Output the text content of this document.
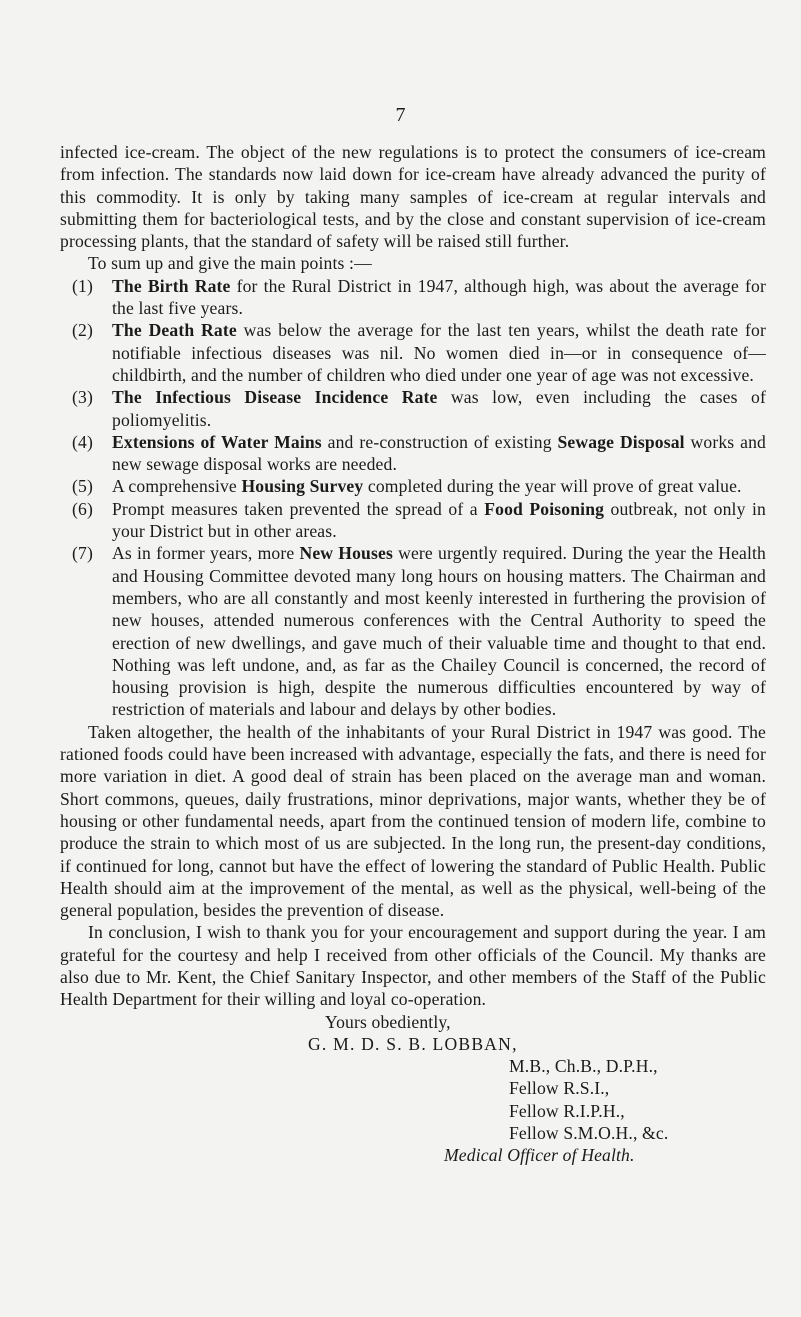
7

infected ice-cream. The object of the new regulations is to protect the consumers of ice-cream from infection. The standards now laid down for ice-cream have already advanced the purity of this commodity. It is only by taking many samples of ice-cream at regular intervals and submitting them for bacteriological tests, and by the close and constant supervision of ice-cream processing plants, that the standard of safety will be raised still further.

To sum up and give the main points :—

(1) The Birth Rate for the Rural District in 1947, although high, was about the average for the last five years.
(2) The Death Rate was below the average for the last ten years, whilst the death rate for notifiable infectious diseases was nil. No women died in—or in consequence of—childbirth, and the number of children who died under one year of age was not excessive.
(3) The Infectious Disease Incidence Rate was low, even including the cases of poliomyelitis.
(4) Extensions of Water Mains and re-construction of existing Sewage Disposal works and new sewage disposal works are needed.
(5) A comprehensive Housing Survey completed during the year will prove of great value.
(6) Prompt measures taken prevented the spread of a Food Poisoning outbreak, not only in your District but in other areas.
(7) As in former years, more New Houses were urgently required. During the year the Health and Housing Committee devoted many long hours on housing matters. The Chairman and members, who are all constantly and most keenly interested in furthering the provision of new houses, attended numerous conferences with the Central Authority to speed the erection of new dwellings, and gave much of their valuable time and thought to that end. Nothing was left undone, and, as far as the Chailey Council is concerned, the record of housing provision is high, despite the numerous difficulties encountered by way of restriction of materials and labour and delays by other bodies.

Taken altogether, the health of the inhabitants of your Rural District in 1947 was good. The rationed foods could have been increased with advantage, especially the fats, and there is need for more variation in diet. A good deal of strain has been placed on the average man and woman. Short commons, queues, daily frustrations, minor deprivations, major wants, whether they be of housing or other fundamental needs, apart from the continued tension of modern life, combine to produce the strain to which most of us are subjected. In the long run, the present-day conditions, if continued for long, cannot but have the effect of lowering the standard of Public Health. Public Health should aim at the improvement of the mental, as well as the physical, well-being of the general population, besides the prevention of disease.

In conclusion, I wish to thank you for your encouragement and support during the year. I am grateful for the courtesy and help I received from other officials of the Council. My thanks are also due to Mr. Kent, the Chief Sanitary Inspector, and other members of the Staff of the Public Health Department for their willing and loyal co-operation.

Yours obediently,
G. M. D. S. B. LOBBAN,
M.B., Ch.B., D.P.H.,
Fellow R.S.I.,
Fellow R.I.P.H.,
Fellow S.M.O.H., &c.
Medical Officer of Health.
